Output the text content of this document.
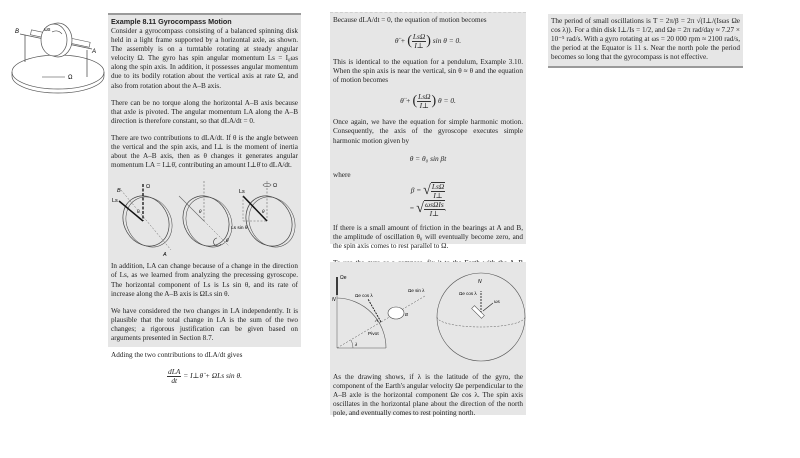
B
A
ωs
Ω
Example 8.11 Gyrocompass Motion

Consider a gyrocompass consisting of a balanced spinning disk held in a light frame supported by a horizontal axle, as shown. The assembly is on a turntable rotating at steady angular velocity Ω. The gyro has spin angular momentum Ls = I₀ωs along the spin axis. In addition, it possesses angular momentum due to its bodily rotation about the vertical axis at rate Ω, and also from rotation about the A–B axis.

There can be no torque along the horizontal A–B axis because that axle is pivoted. The angular momentum LA along the A–B direction is therefore constant, so that dLA/dt = 0.

There are two contributions to dLA/dt. If θ is the angle between the vertical and the spin axis, and I⊥ is the moment of inertia about the A–B axis, then as θ changes it generates angular momentum LA = I⊥θ̇, contributing an amount I⊥θ̈ to dLA/dt.

Ω
B
Ls
θ
A
θ̇
θ
Ω
Ls
Ls sin θ
θ

In addition, LA can change because of a change in the direction of Ls, as we learned from analyzing the precessing gyroscope. The horizontal component of Ls is Ls sin θ, and its rate of increase along the A–B axis is ΩLs sin θ.

We have considered the two changes in LA independently. It is plausible that the total change in LA is the sum of the two changes; a rigorous justification can be given based on arguments presented in Section 8.7.

Adding the two contributions to dLA/dt gives

$\frac{\text{dLA}}{dt}$ = I⊥θ̈ + ΩLs sin θ.

Because dLA/dt = 0, the equation of motion becomes

θ̈ + ( $\frac{\text{LsΩ}}{I\perp}$ ) sin θ = 0.

This is identical to the equation for a pendulum, Example 3.10. When the spin axis is near the vertical, sin θ ≈ θ and the equation of motion becomes

θ̈ + ( $\frac{\text{LsΩ}}{I\perp}$ ) θ = 0.

Once again, we have the equation for simple harmonic motion. Consequently, the axis of the gyroscope executes simple harmonic motion given by

θ = θ₀ sin βt

where

β = √ $\frac{\text{LsΩ}}{I\perp}$
= √ $\frac{\text{ωsΩIs}}{I\perp}$ .

If there is a small amount of friction in the bearings at A and B, the amplitude of oscillation θ₀ will eventually become zero, and the spin axis comes to rest parallel to Ω.

Ωe
N
Ωe cos λ
Ωe sin λ
A
B
Pivot
λ
N
Ωe cos λ
ωs

As the drawing shows, if λ is the latitude of the gyro, the component of the Earth's angular velocity Ωe perpendicular to the A–B axle is the horizontal component Ωe cos λ. The spin axis oscillates in the horizontal plane about the direction of the north pole, and eventually comes to rest pointing north.

The period of small oscillations is T = 2π/β = 2π √(I⊥/(Isωs Ωe cos λ)). For a thin disk I⊥/Is = 1/2, and Ωe = 2π rad/day ≈ 7.27 × 10⁻⁵ rad/s. With a gyro rotating at ωs = 20 000 rpm ≈ 2100 rad/s, the period at the Equator is 11 s. Near the north pole the period becomes so long that the gyrocompass is not effective.
